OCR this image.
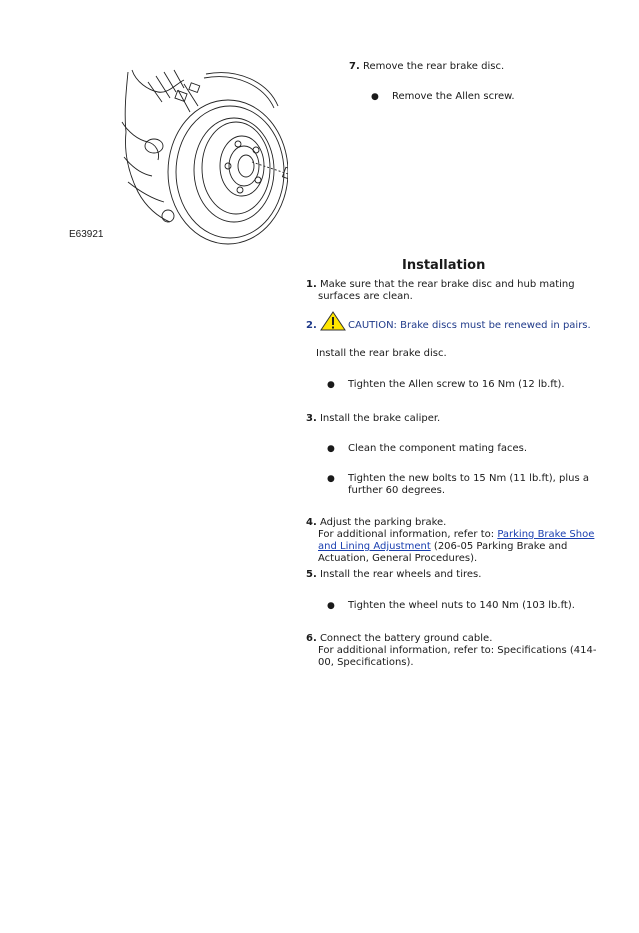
E63921
7. Remove the rear brake disc.
● Remove the Allen screw.
Installation
1. Make sure that the rear brake disc and hub mating
surfaces are clean.
2.	CAUTION: Brake discs must be renewed in pairs.
Install the rear brake disc.
● Tighten the Allen screw to 16 Nm (12 lb.ft).
3. Install the brake caliper.
● Clean the component mating faces.
● Tighten the new bolts to 15 Nm (11 lb.ft), plus a
further 60 degrees.
4. Adjust the parking brake.
For additional information, refer to: Parking Brake Shoe
and Lining Adjustment (206-05 Parking Brake and
Actuation, General Procedures).
5. Install the rear wheels and tires.
● Tighten the wheel nuts to 140 Nm (103 lb.ft).
6. Connect the battery ground cable.
For additional information, refer to: Specifications (414-
00, Specifications).
